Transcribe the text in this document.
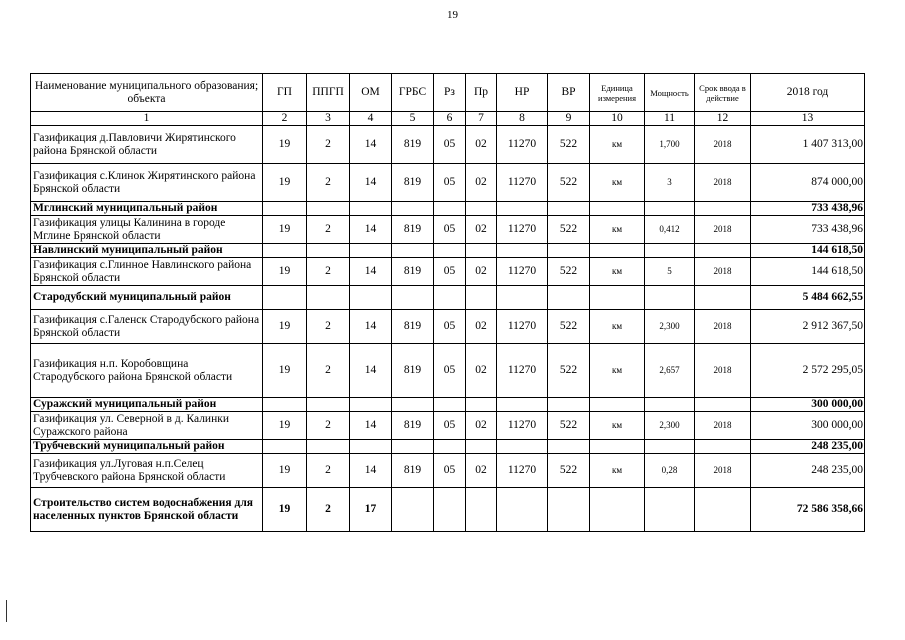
19
Наименование муниципального образования; объекта	ГП	ППГП	ОМ	ГРБС	Рз	Пр	НР	ВР	Единица измерения	Мощность	Срок ввода в действие	2018 год
1	2	3	4	5	6	7	8	9	10	11	12	13
Газификация д.Павловичи Жирятинского района Брянской области	19	2	14	819	05	02	11270	522	км	1,700	2018	1 407 313,00
Газификация с.Клинок Жирятинского района Брянской области	19	2	14	819	05	02	11270	522	км	3	2018	874 000,00
Мглинский муниципальный район												733 438,96
Газификация улицы Калинина в городе Мглине Брянской области	19	2	14	819	05	02	11270	522	км	0,412	2018	733 438,96
Навлинский муниципальный район												144 618,50
Газификация с.Глинное Навлинского района Брянской области	19	2	14	819	05	02	11270	522	км	5	2018	144 618,50
Стародубский муниципальный район												5 484 662,55
Газификация с.Галенск Стародубского района Брянской области	19	2	14	819	05	02	11270	522	км	2,300	2018	2 912 367,50
Газификация н.п. Коробовщина Стародубского района Брянской области	19	2	14	819	05	02	11270	522	км	2,657	2018	2 572 295,05
Суражский муниципальный район												300 000,00
Газификация ул. Северной в д. Калинки Суражского района	19	2	14	819	05	02	11270	522	км	2,300	2018	300 000,00
Трубчевский муниципальный район												248 235,00
Газификация ул.Луговая н.п.Селец Трубчевского района Брянской области	19	2	14	819	05	02	11270	522	км	0,28	2018	248 235,00
Строительство систем водоснабжения для населенных пунктов Брянской области	19	2	17									72 586 358,66
